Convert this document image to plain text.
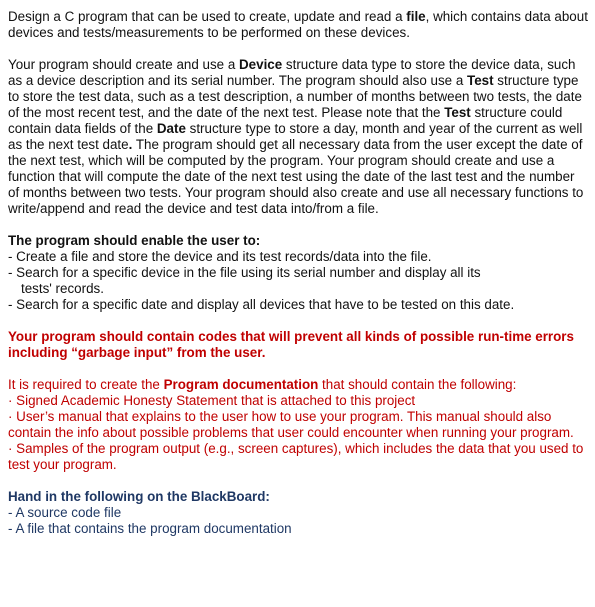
Design a C program that can be used to create, update and read a file, which contains data about devices and tests/measurements to be performed on these devices.

Your program should create and use a Device structure data type to store the device data, such as a device description and its serial number. The program should also use a Test structure type to store the test data, such as a test description, a number of months between two tests, the date of the most recent test, and the date of the next test. Please note that the Test structure could contain data fields of the Date structure type to store a day, month and year of the current as well as the next test date. The program should get all necessary data from the user except the date of the next test, which will be computed by the program. Your program should create and use a function that will compute the date of the next test using the date of the last test and the number of months between two tests. Your program should also create and use all necessary functions to write/append and read the device and test data into/from a file.

The program should enable the user to:

- Create a file and store the device and its test records/data into the file.

- Search for a specific device in the file using its serial number and display all its

tests' records.

- Search for a specific date and display all devices that have to be tested on this date.

Your program should contain codes that will prevent all kinds of possible run-time errors including “garbage input” from the user.

It is required to create the Program documentation that should contain the following:

· Signed Academic Honesty Statement that is attached to this project

· User’s manual that explains to the user how to use your program. This manual should also contain the info about possible problems that user could encounter when running your program.

· Samples of the program output (e.g., screen captures), which includes the data that you used to test your program.

Hand in the following on the BlackBoard:

- A source code file

- A file that contains the program documentation
